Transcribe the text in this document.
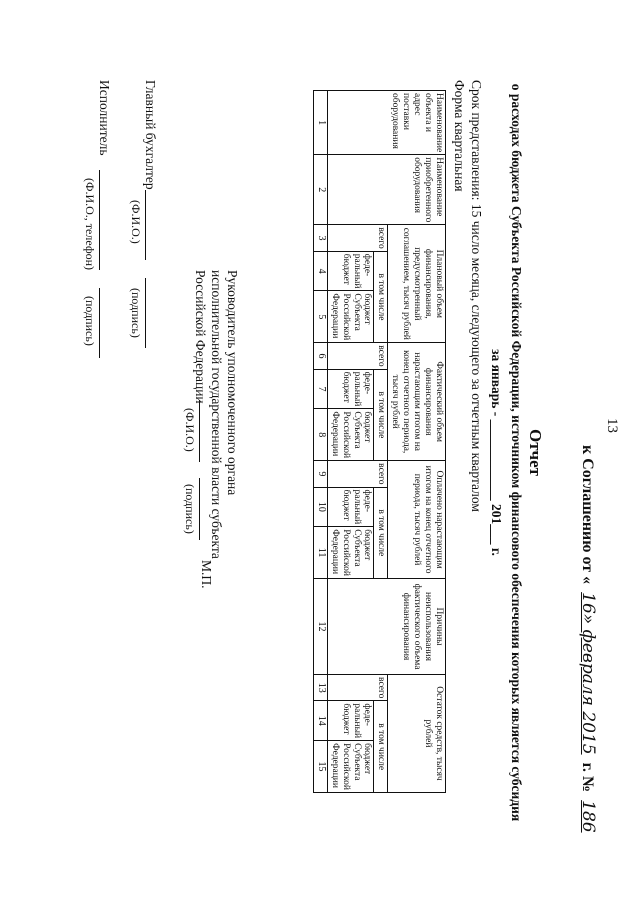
13
к Соглашению от « 16» февраля 2015 г. № 186
Отчет
о расходах бюджета Субъекта Российской Федерации, источником финансового обеспечения которых является субсидия
за январь - ____________ 201___ г.
Срок представления: 15 число месяца, следующего за отчетным кварталом
Форма квартальная
Наименование объекта и адрес поставки оборудования	Наименование приобретенного оборудования	Плановый объем финансирования, предусмотренный соглашением, тысяч рублей			Фактический объем финансирования нарастающим итогом на конец отчетного периода, тысяч рублей			Оплачено нарастающим итогом на конец отчетного периода, тысяч рублей			Причины неиспользования фактического объема финансирования	Остаток средств, тысяч рублей		
		всего	в том числе		всего	в том числе		всего	в том числе			всего	в том числе	
			феде-ральный бюджет	бюджет Субъекта Российской Федерации		феде-ральный бюджет	бюджет Субъекта Российской Федерации		феде-ральный бюджет	бюджет Субъекта Российской Федерации			феде-ральный бюджет	бюджет Субъекта Российской Федерации
1	2	3	4	5	6	7	8	9	10	11	12	13	14	15
Руководитель уполномоченного органа исполнительной государственной власти субъекта Российской Федерации
(Ф.И.О.)
(подпись)
М.П.
Главный бухгалтер
(Ф.И.О.)
(подпись)
Исполнитель
(Ф.И.О., телефон)
(подпись)
